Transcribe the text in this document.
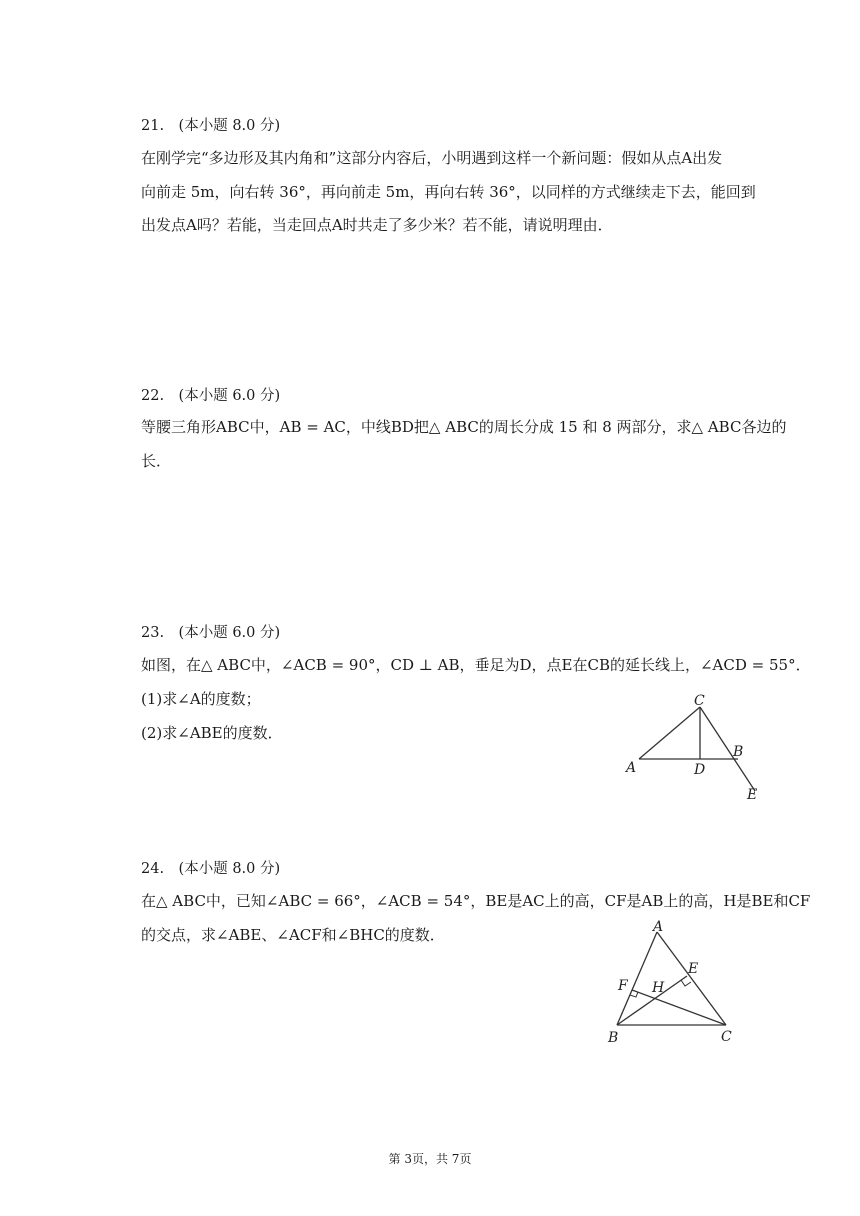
21.　(本小题 8.0 分)
在刚学完“多边形及其内角和”这部分内容后，小明遇到这样一个新问题：假如从点A出发
向前走 5m，向右转 36°，再向前走 5m，再向右转 36°，以同样的方式继续走下去，能回到
出发点A吗？若能，当走回点A时共走了多少米？若不能，请说明理由．
22.　(本小题 6.0 分)
等腰三角形ABC中，AB = AC，中线BD把△ ABC的周长分成 15 和 8 两部分，求△ ABC各边的
长．
23.　(本小题 6.0 分)
如图，在△ ABC中，∠ACB = 90°，CD ⊥ AB，垂足为D，点E在CB的延长线上，∠ACD = 55°．
(1)求∠A的度数；
(2)求∠ABE的度数．
C
B
A	D
E
24.　(本小题 8.0 分)
在△ ABC中，已知∠ABC = 66°，∠ACB = 54°，BE是AC上的高，CF是AB上的高，H是BE和CF
的交点，求∠ABE、∠ACF和∠BHC的度数．	A
E
F H
B	C
第 3页，共 7页
